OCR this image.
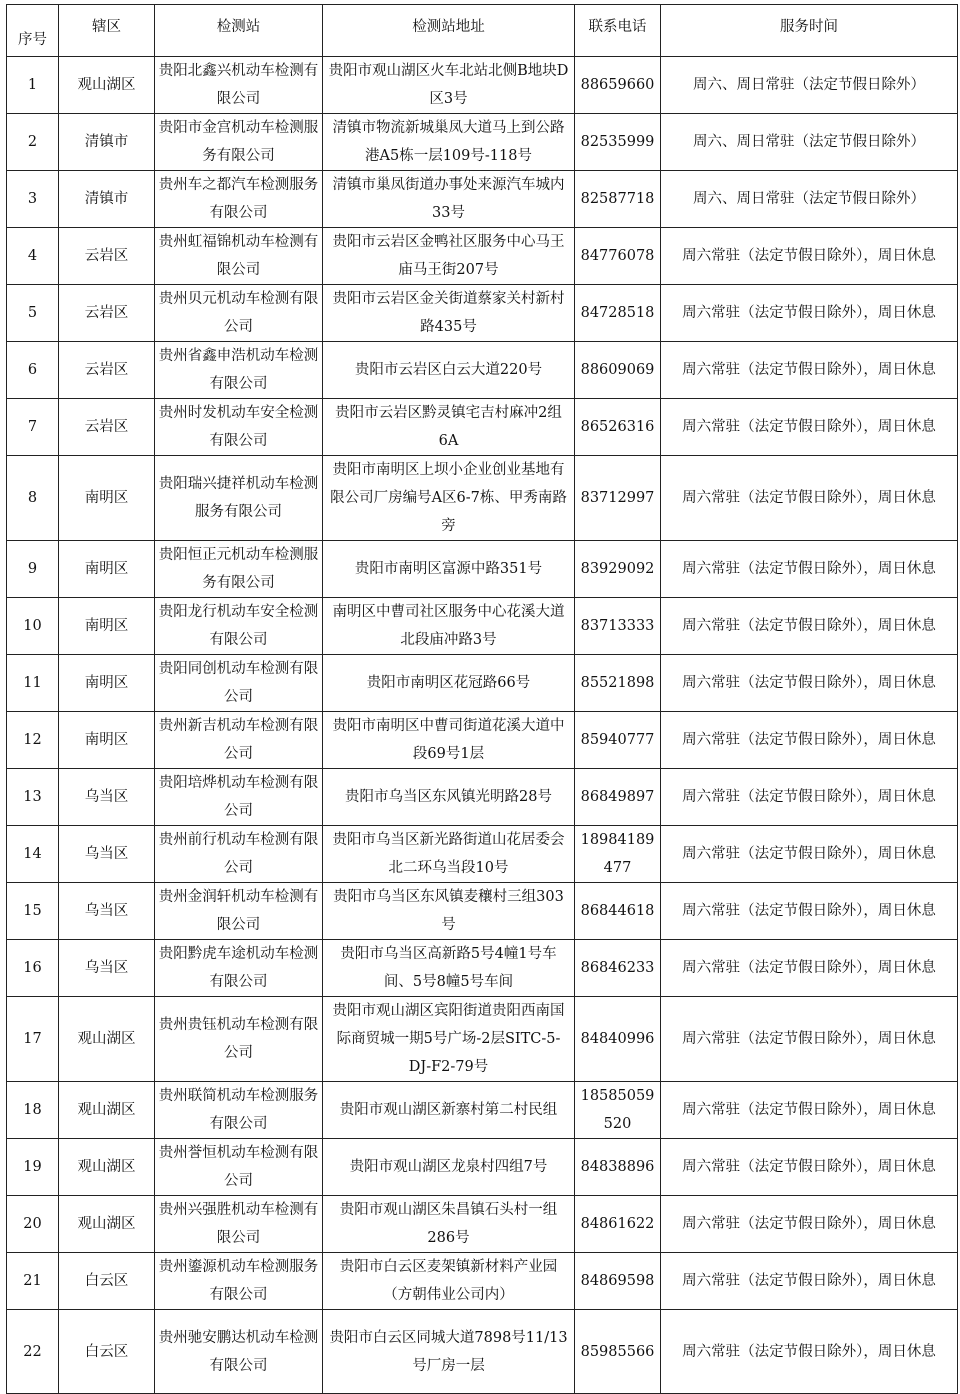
序号	辖区	检测站	检测站地址	联系电话	服务时间
1	观山湖区	贵阳北鑫兴机动车检测有限公司	贵阳市观山湖区火车北站北侧B地块D区3号	88659660	周六、周日常驻（法定节假日除外）
2	清镇市	贵阳市金宫机动车检测服务有限公司	清镇市物流新城巢凤大道马上到公路港A5栋一层109号-118号	82535999	周六、周日常驻（法定节假日除外）
3	清镇市	贵州车之都汽车检测服务有限公司	清镇市巢凤街道办事处来源汽车城内33号	82587718	周六、周日常驻（法定节假日除外）
4	云岩区	贵州虹福锦机动车检测有限公司	贵阳市云岩区金鸭社区服务中心马王庙马王街207号	84776078	周六常驻（法定节假日除外），周日休息
5	云岩区	贵州贝元机动车检测有限公司	贵阳市云岩区金关街道蔡家关村新村路435号	84728518	周六常驻（法定节假日除外），周日休息
6	云岩区	贵州省鑫申浩机动车检测有限公司	贵阳市云岩区白云大道220号	88609069	周六常驻（法定节假日除外），周日休息
7	云岩区	贵州时发机动车安全检测有限公司	贵阳市云岩区黔灵镇宅吉村麻冲2组6A	86526316	周六常驻（法定节假日除外），周日休息
8	南明区	贵阳瑞兴捷祥机动车检测服务有限公司	贵阳市南明区上坝小企业创业基地有限公司厂房编号A区6-7栋、甲秀南路旁	83712997	周六常驻（法定节假日除外），周日休息
9	南明区	贵阳恒正元机动车检测服务有限公司	贵阳市南明区富源中路351号	83929092	周六常驻（法定节假日除外），周日休息
10	南明区	贵阳龙行机动车安全检测有限公司	南明区中曹司社区服务中心花溪大道北段庙冲路3号	83713333	周六常驻（法定节假日除外），周日休息
11	南明区	贵阳同创机动车检测有限公司	贵阳市南明区花冠路66号	85521898	周六常驻（法定节假日除外），周日休息
12	南明区	贵州新吉机动车检测有限公司	贵阳市南明区中曹司街道花溪大道中段69号1层	85940777	周六常驻（法定节假日除外），周日休息
13	乌当区	贵阳培烨机动车检测有限公司	贵阳市乌当区东风镇光明路28号	86849897	周六常驻（法定节假日除外），周日休息
14	乌当区	贵州前行机动车检测有限公司	贵阳市乌当区新光路街道山花居委会北二环乌当段10号	18984189477	周六常驻（法定节假日除外），周日休息
15	乌当区	贵州金润轩机动车检测有限公司	贵阳市乌当区东风镇麦穰村三组303号	86844618	周六常驻（法定节假日除外），周日休息
16	乌当区	贵阳黔虎车途机动车检测有限公司	贵阳市乌当区高新路5号4幢1号车间、5号8幢5号车间	86846233	周六常驻（法定节假日除外），周日休息
17	观山湖区	贵州贵钰机动车检测有限公司	贵阳市观山湖区宾阳街道贵阳西南国际商贸城一期5号广场-2层SITC-5-DJ-F2-79号	84840996	周六常驻（法定节假日除外），周日休息
18	观山湖区	贵州联简机动车检测服务有限公司	贵阳市观山湖区新寨村第二村民组	18585059520	周六常驻（法定节假日除外），周日休息
19	观山湖区	贵州誉恒机动车检测有限公司	贵阳市观山湖区龙泉村四组7号	84838896	周六常驻（法定节假日除外），周日休息
20	观山湖区	贵州兴强胜机动车检测有限公司	贵阳市观山湖区朱昌镇石头村一组286号	84861622	周六常驻（法定节假日除外），周日休息
21	白云区	贵州鎏源机动车检测服务有限公司	贵阳市白云区麦架镇新材料产业园（方朝伟业公司内）	84869598	周六常驻（法定节假日除外），周日休息
22	白云区	贵州驰安鹏达机动车检测有限公司	贵阳市白云区同城大道7898号11/13号厂房一层	85985566	周六常驻（法定节假日除外），周日休息
